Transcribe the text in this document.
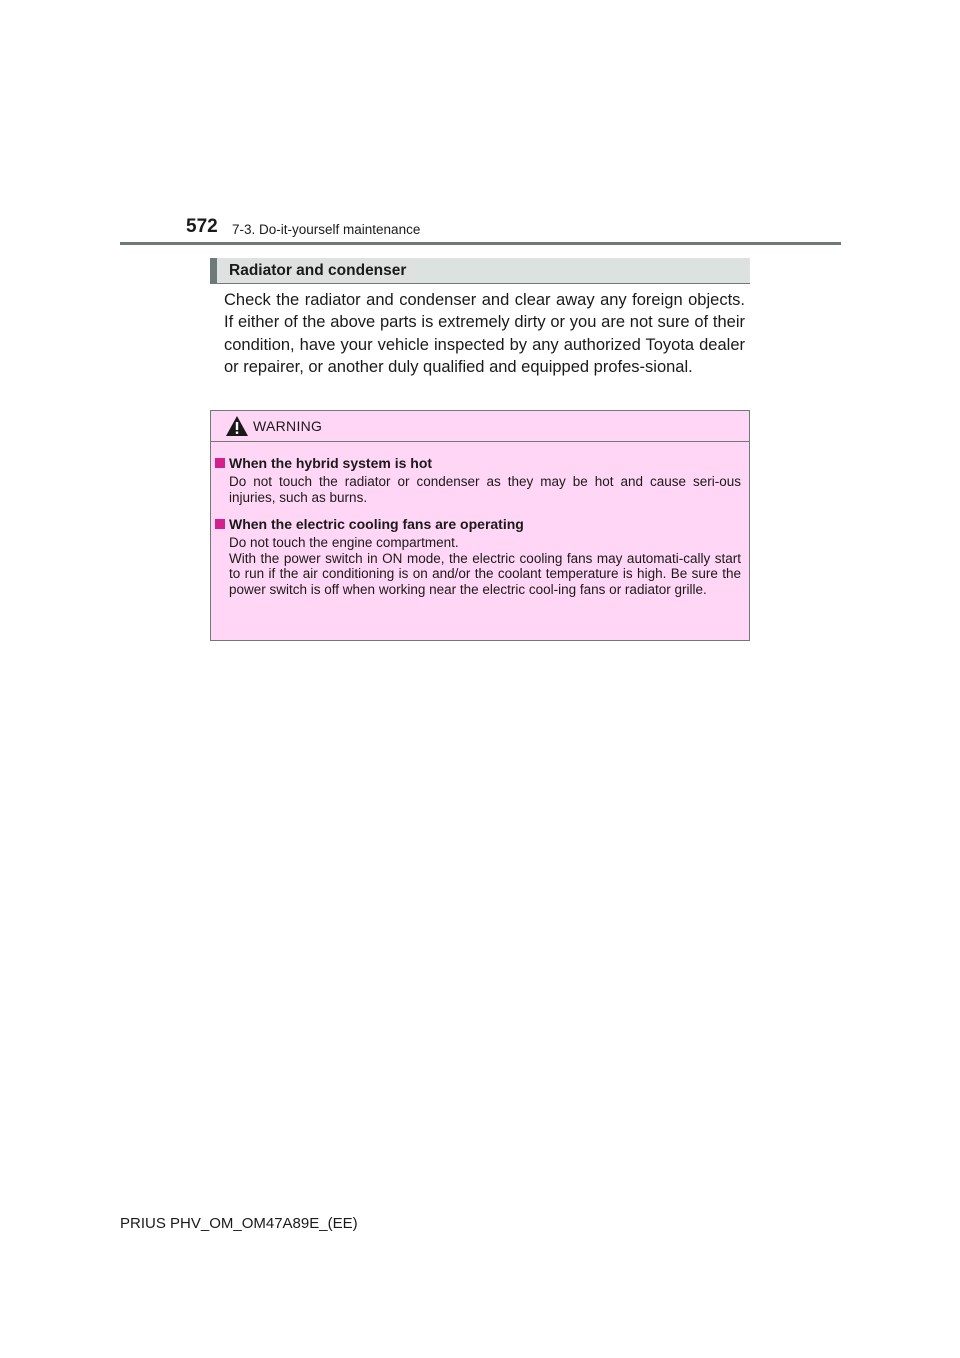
572 7-3. Do-it-yourself maintenance
Radiator and condenser

Check the radiator and condenser and clear away any foreign objects. If either of the above parts is extremely dirty or you are not sure of their condition, have your vehicle inspected by any authorized Toyota dealer or repairer, or another duly qualified and equipped profes-sional.

WARNING
When the hybrid system is hot

Do not touch the radiator or condenser as they may be hot and cause seri-ous injuries, such as burns.

When the electric cooling fans are operating

Do not touch the engine compartment.

With the power switch in ON mode, the electric cooling fans may automati-cally start to run if the air conditioning is on and/or the coolant temperature is high. Be sure the power switch is off when working near the electric cool-ing fans or radiator grille.

PRIUS PHV_OM_OM47A89E_(EE)
